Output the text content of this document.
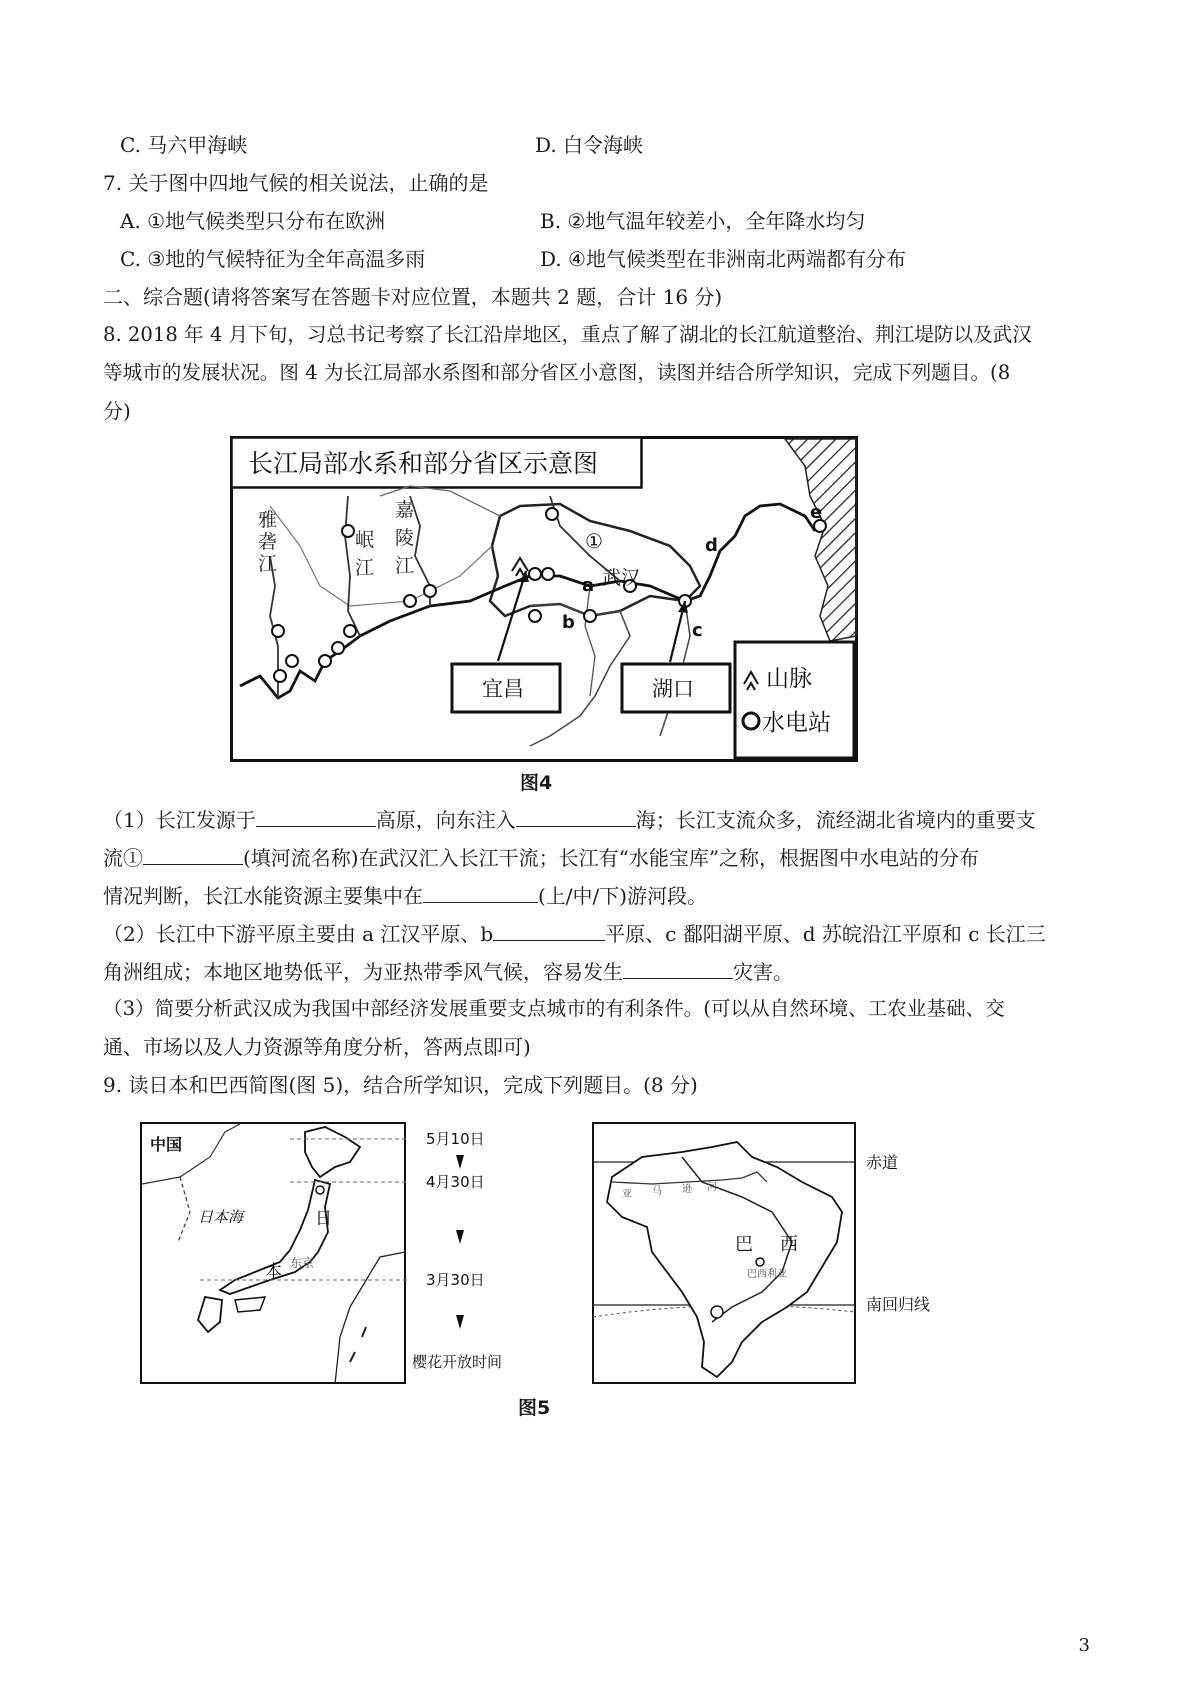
C. 马六甲海峡	D. 白令海峡
7. 关于图中四地气候的相关说法，止确的是
A. ①地气候类型只分布在欧洲	B. ②地气温年较差小，全年降水均匀
C. ③地的气候特征为全年高温多雨	D. ④地气候类型在非洲南北两端都有分布
二、综合题(请将答案写在答题卡对应位置，本题共 2 题，合计 16 分)
8. 2018 年 4 月下旬，习总书记考察了长江沿岸地区，重点了解了湖北的长江航道整治、荆江堤防以及武汉
等城市的发展状况。图 4 为长江局部水系图和部分省区小意图，读图并结合所学知识，完成下列题目。(8
分)
长江局部水系和部分省区示意图
雅
砻
江
岷
江
嘉
陵
江
①
武汉
a
b	c
d
e
宜昌	湖口	山脉
水电站
图4
（1）长江发源于	高原，向东注入	海；长江支流众多，流经湖北省境内的重要支
流①	(填河流名称)在武汉汇入长江干流；长江有“水能宝库”之称，根据图中水电站的分布
情况判断，长江水能资源主要集中在	(上/中/下)游河段。
（2）长江中下游平原主要由 a 江汉平原、b	平原、c 鄱阳湖平原、d 苏皖沿江平原和 c 长江三
角洲组成；本地区地势低平，为亚热带季风气候，容易发生	灾害。
（3）简要分析武汉成为我国中部经济发展重要支点城市的有利条件。(可以从自然环境、工农业基础、交
通、市场以及人力资源等角度分析，答两点即可)
9. 读日本和巴西简图(图 5)，结合所学知识，完成下列题目。(8 分)
中国
日本海	日
本 东京
5月10日
4月30日
3月30日
樱花开放时间
亚 马 逊 河
巴 西
巴西利亚
赤道
南回归线
图5
3
